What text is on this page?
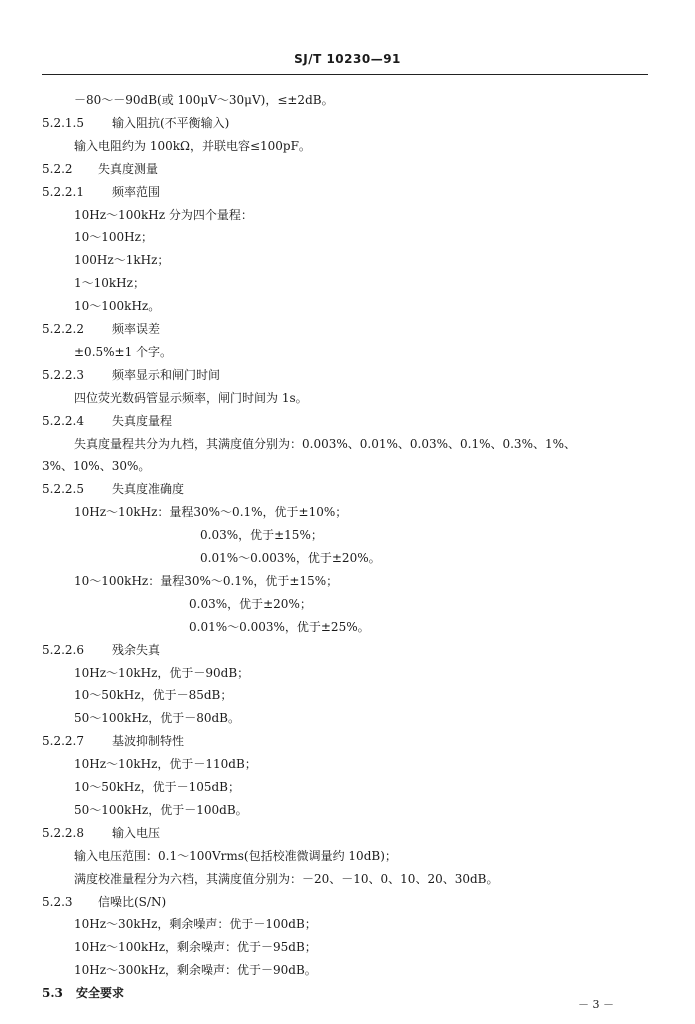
SJ/T 10230—91
－80～－90dB(或 100μV～30μV)，≤±2dB。
5.2.1.5 输入阻抗(不平衡输入)
输入电阻约为 100kΩ，并联电容≤100pF。
5.2.2 失真度测量
5.2.2.1 频率范围
10Hz～100kHz 分为四个量程：
10～100Hz；
100Hz～1kHz；
1～10kHz；
10～100kHz。
5.2.2.2 频率误差
±0.5%±1 个字。
5.2.2.3 频率显示和闸门时间
四位荧光数码管显示频率，闸门时间为 1s。
5.2.2.4 失真度量程
失真度量程共分为九档，其满度值分别为：0.003%、0.01%、0.03%、0.1%、0.3%、1%、
3%、10%、30%。
5.2.2.5 失真度准确度
10Hz～10kHz：量程30%～0.1%，优于±10%；
0.03%，优于±15%；
0.01%～0.003%，优于±20%。
10～100kHz：量程30%～0.1%，优于±15%；
0.03%，优于±20%；
0.01%～0.003%，优于±25%。
5.2.2.6 残余失真
10Hz～10kHz，优于－90dB；
10～50kHz，优于－85dB；
50～100kHz，优于－80dB。
5.2.2.7 基波抑制特性
10Hz～10kHz，优于－110dB；
10～50kHz，优于－105dB；
50～100kHz，优于－100dB。
5.2.2.8 输入电压
输入电压范围：0.1～100Vrms(包括校准微调量约 10dB)；
满度校准量程分为六档，其满度值分别为：－20、－10、0、10、20、30dB。
5.2.3 信噪比(S/N)
10Hz～30kHz，剩余噪声：优于－100dB；
10Hz～100kHz，剩余噪声：优于－95dB；
10Hz～300kHz，剩余噪声：优于－90dB。
5.3 安全要求
－ 3 －
